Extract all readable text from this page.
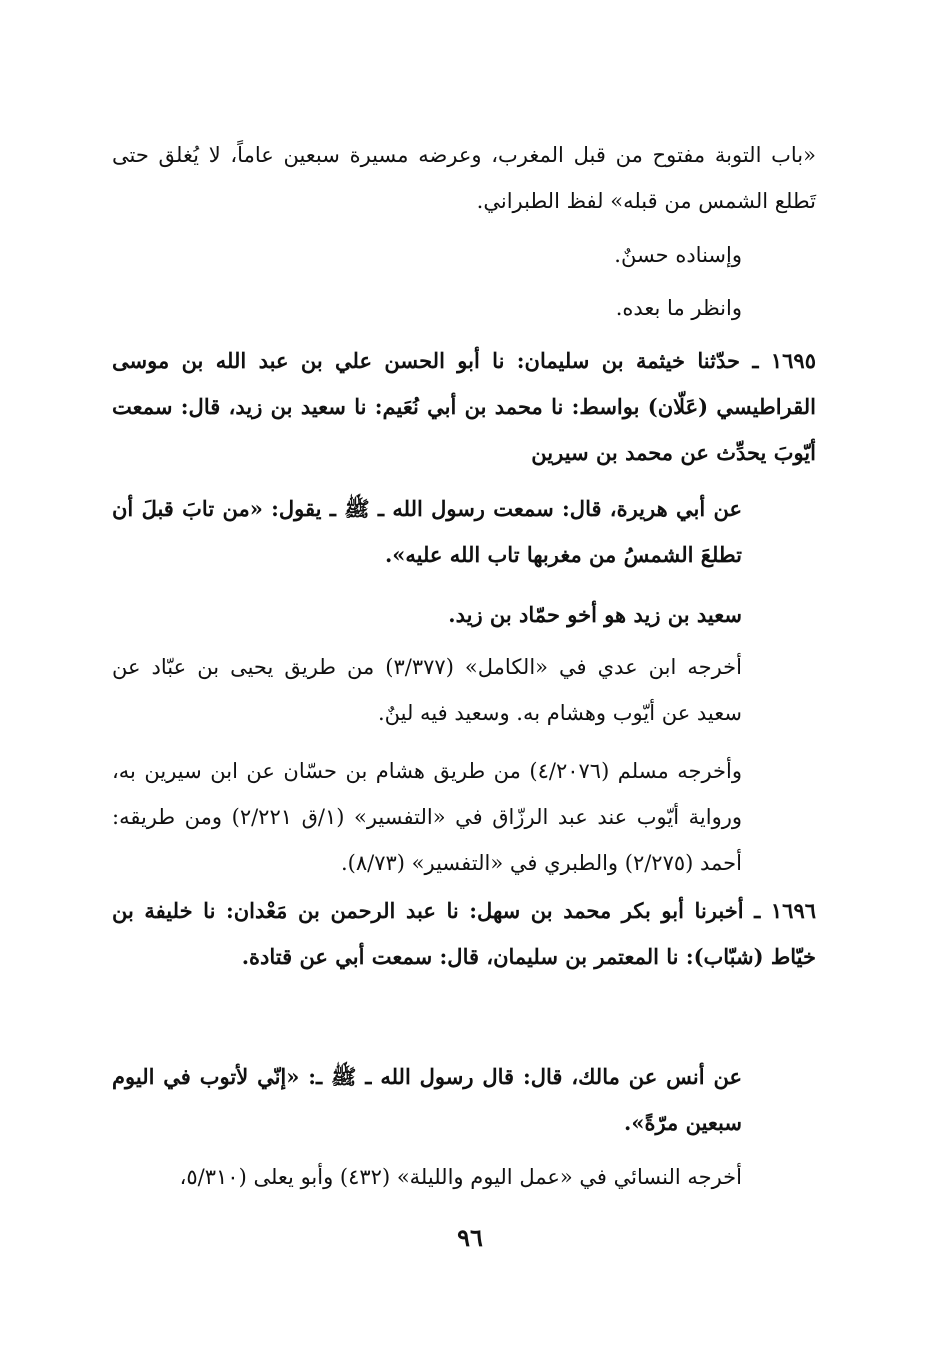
«باب التوبة مفتوح من قبل المغرب، وعرضه مسيرة سبعين عاماً، لا يُغلق حتى تَطلع الشمس من قبله» لفظ الطبراني.
وإسناده حسنٌ.
وانظر ما بعده.
١٦٩٥ ـ حدّثنا خيثمة بن سليمان: نا أبو الحسن علي بن عبد الله بن موسى القراطيسي (عَلّان) بواسط: نا محمد بن أبي نُعَيم: نا سعيد بن زيد، قال: سمعت أيّوبَ يحدِّث عن محمد بن سيرين
عن أبي هريرة، قال: سمعت رسول الله ـ ﷺ ـ يقول: «من تابَ قبلَ أن تطلعَ الشمسُ من مغربها تاب الله عليه».
سعيد بن زيد هو أخو حمّاد بن زيد.
أخرجه ابن عدي في «الكامل» (٣/٣٧٧) من طريق يحيى بن عبّاد عن سعيد عن أيّوب وهشام به. وسعيد فيه لينٌ.
وأخرجه مسلم (٤/٢٠٧٦) من طريق هشام بن حسّان عن ابن سيرين به، ورواية أيّوب عند عبد الرزّاق في «التفسير» (١/ق ٢/٢٢١) ومن طريقه: أحمد (٢/٢٧٥) والطبري في «التفسير» (٨/٧٣).
١٦٩٦ ـ أخبرنا أبو بكر محمد بن سهل: نا عبد الرحمن بن مَعْدان: نا خليفة بن خيّاط (شبّاب): نا المعتمر بن سليمان، قال: سمعت أبي عن قتادة.
عن أنس عن مالك، قال: قال رسول الله ـ ﷺ ـ: «إنّي لأتوب في اليوم سبعين مرّةً».
أخرجه النسائي في «عمل اليوم والليلة» (٤٣٢) وأبو يعلى (٥/٣١٠،
٩٦
